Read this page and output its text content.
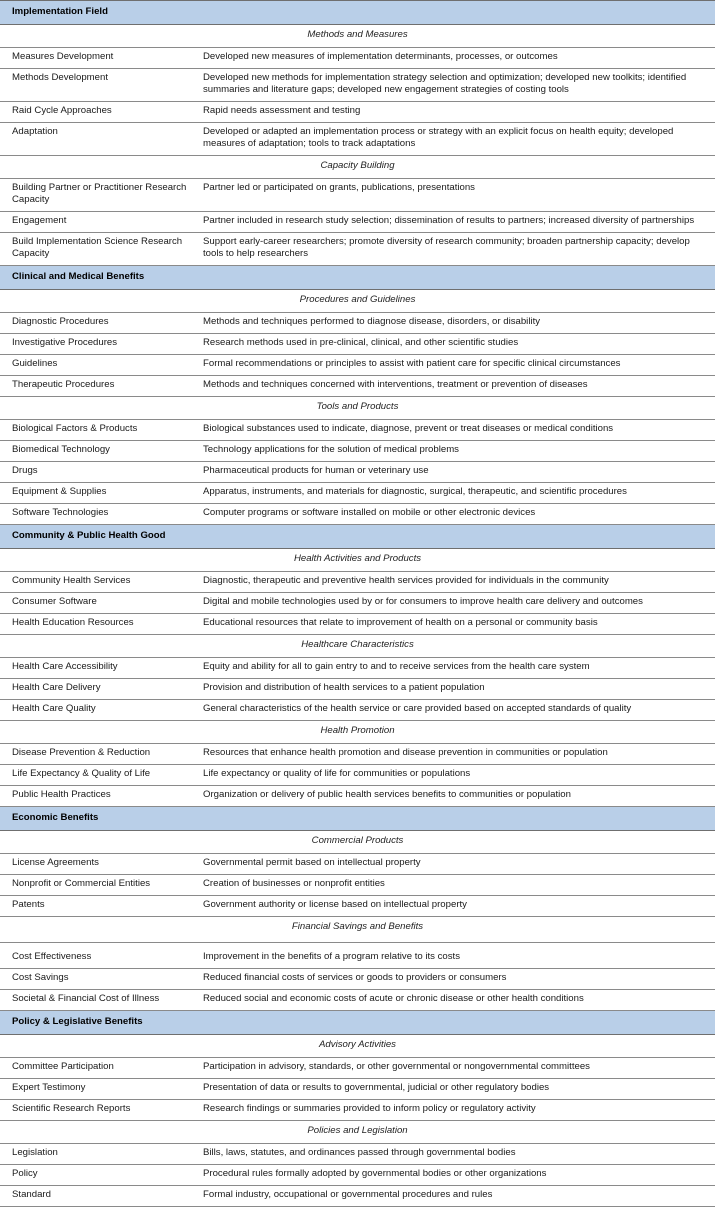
Implementation Field	
Methods and Measures	
Measures Development	Developed new measures of implementation determinants, processes, or outcomes
Methods Development	Developed new methods for implementation strategy selection and optimization; developed new toolkits; identified summaries and literature gaps; developed new engagement strategies of costing tools
Raid Cycle Approaches	Rapid needs assessment and testing
Adaptation	Developed or adapted an implementation process or strategy with an explicit focus on health equity; developed measures of adaptation; tools to track adaptations
Capacity Building	
Building Partner or Practitioner Research Capacity	Partner led or participated on grants, publications, presentations
Engagement	Partner included in research study selection; dissemination of results to partners; increased diversity of partnerships
Build Implementation Science Research Capacity	Support early-career researchers; promote diversity of research community; broaden partnership capacity; develop tools to help researchers
Clinical and Medical Benefits	
Procedures and Guidelines	
Diagnostic Procedures	Methods and techniques performed to diagnose disease, disorders, or disability
Investigative Procedures	Research methods used in pre-clinical, clinical, and other scientific studies
Guidelines	Formal recommendations or principles to assist with patient care for specific clinical circumstances
Therapeutic Procedures	Methods and techniques concerned with interventions, treatment or prevention of diseases
Tools and Products	
Biological Factors & Products	Biological substances used to indicate, diagnose, prevent or treat diseases or medical conditions
Biomedical Technology	Technology applications for the solution of medical problems
Drugs	Pharmaceutical products for human or veterinary use
Equipment & Supplies	Apparatus, instruments, and materials for diagnostic, surgical, therapeutic, and scientific procedures
Software Technologies	Computer programs or software installed on mobile or other electronic devices
Community & Public Health Good	
Health Activities and Products	
Community Health Services	Diagnostic, therapeutic and preventive health services provided for individuals in the community
Consumer Software	Digital and mobile technologies used by or for consumers to improve health care delivery and outcomes
Health Education Resources	Educational resources that relate to improvement of health on a personal or community basis
Healthcare Characteristics	
Health Care Accessibility	Equity and ability for all to gain entry to and to receive services from the health care system
Health Care Delivery	Provision and distribution of health services to a patient population
Health Care Quality	General characteristics of the health service or care provided based on accepted standards of quality
Health Promotion	
Disease Prevention & Reduction	Resources that enhance health promotion and disease prevention in communities or population
Life Expectancy & Quality of Life	Life expectancy or quality of life for communities or populations
Public Health Practices	Organization or delivery of public health services benefits to communities or population
Economic Benefits	
Commercial Products	
License Agreements	Governmental permit based on intellectual property
Nonprofit or Commercial Entities	Creation of businesses or nonprofit entities
Patents	Government authority or license based on intellectual property
Financial Savings and Benefits	
Cost Effectiveness	Improvement in the benefits of a program relative to its costs
Cost Savings	Reduced financial costs of services or goods to providers or consumers
Societal & Financial Cost of Illness	Reduced social and economic costs of acute or chronic disease or other health conditions
Policy & Legislative Benefits	
Advisory Activities	
Committee Participation	Participation in advisory, standards, or other governmental or nongovernmental committees
Expert Testimony	Presentation of data or results to governmental, judicial or other regulatory bodies
Scientific Research Reports	Research findings or summaries provided to inform policy or regulatory activity
Policies and Legislation	
Legislation	Bills, laws, statutes, and ordinances passed through governmental bodies
Policy	Procedural rules formally adopted by governmental bodies or other organizations
Standard	Formal industry, occupational or governmental procedures and rules
